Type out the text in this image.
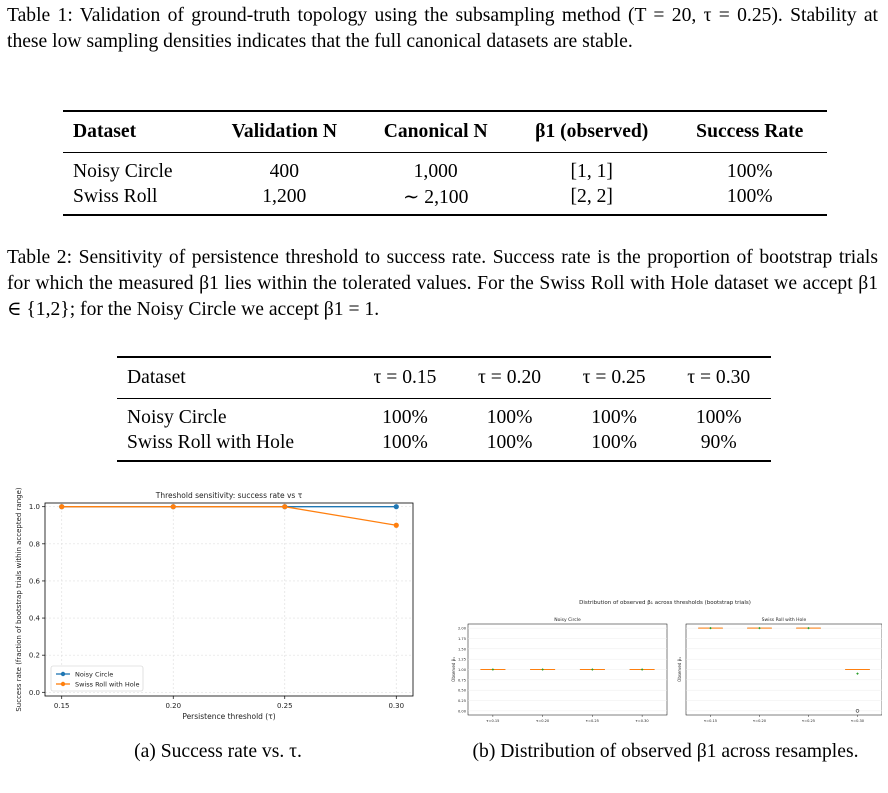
Table 1: Validation of ground-truth topology using the subsampling method (T = 20, τ = 0.25). Stability at these low sampling densities indicates that the full canonical datasets are stable.
Dataset	Validation N	Canonical N	β1 (observed)	Success Rate
Noisy Circle	400	1,000	[1, 1]	100%
Swiss Roll	1,200	∼ 2,100	[2, 2]	100%
Table 2: Sensitivity of persistence threshold to success rate. Success rate is the proportion of bootstrap trials for which the measured β1 lies within the tolerated values. For the Swiss Roll with Hole dataset we accept β1 ∈ {1,2}; for the Noisy Circle we accept β1 = 1.
Dataset	τ = 0.15	τ = 0.20	τ = 0.25	τ = 0.30
Noisy Circle	100%	100%	100%	100%
Swiss Roll with Hole	100%	100%	100%	90%
Threshold sensitivity: success rate vs τ
0.0
0.2
0.4
0.6
0.8
1.0
0.15	0.20	0.25	0.30
Persistence threshold (τ)
Success rate (fraction of bootstrap trials within accepted range)	Noisy Circle
Swiss Roll with Hole
(a) Success rate vs. τ.
Distribution of observed β₁ across thresholds (bootstrap trials)
Noisy Circle
0.00
0.25
0.50
0.75
1.00
1.25
1.50
1.75
2.00
Observed β₁
τ=0.15	τ=0.20	τ=0.25	τ=0.30
Swiss Roll with Hole
Observed β₁
τ=0.15	τ=0.20	τ=0.25	τ=0.30
(b) Distribution of observed β1 across resamples.
